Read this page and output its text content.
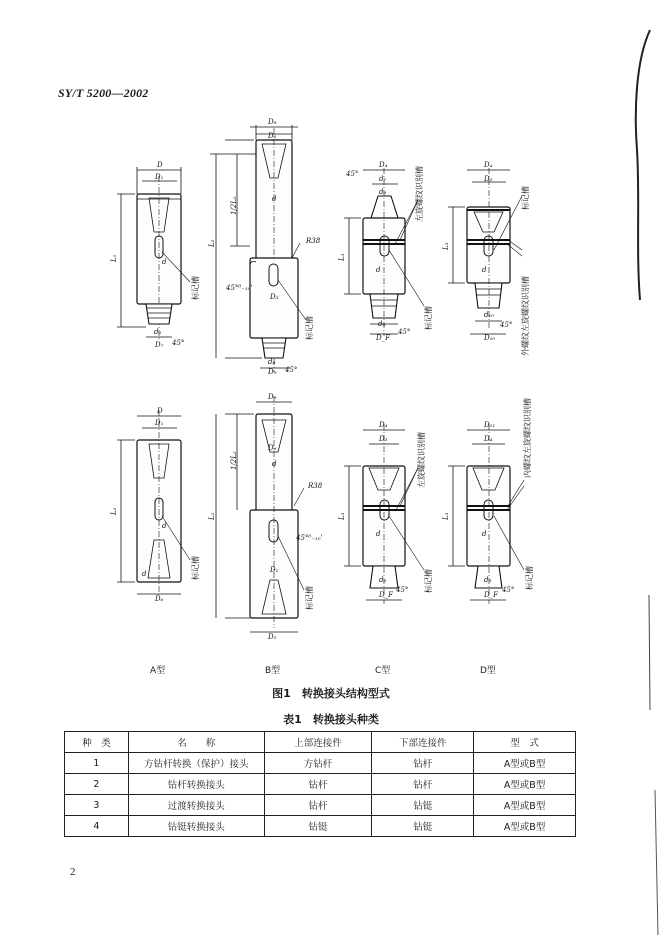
SY/T 5200—2002
D
D₁
L₁	d
d₆
D₇ 45°
D₈
D₂
1/2L₂
L₂
d
R38
45°⁰₋₁₀'
D₃
d₈
D₉ 45°
D₄
45°
d₇
d₆
L₃
d
d₈
D_F
45°
D₄
D₅
L₃
d
d₁₀
D₁₀
45°
D
D₁
L₁
d
d
D₆
D₉
D₆
1/2L₂
L₂
d
R38
45°⁰₋₁₀'
D₁
D₅
D₄
D₃
L₃
d
d₆
D_F
45°
D₁₁
D₄
L₃
d
d₉
D_F
45°
标记槽
标记槽
左旋螺纹识别槽
标记槽
标记槽
外螺纹左旋螺纹识别槽
标记槽
标记槽
左旋螺纹识别槽
标记槽
内螺纹左旋螺纹识别槽
标记槽
A型	B型	C型	D型
图1　转换接头结构型式
表1　转换接头种类
种　类	名　　称	上部连接件	下部连接件	型　式
1	方钻杆转换（保护）接头	方钻杆	钻杆	A型或B型
2	钻杆转换接头	钻杆	钻杆	A型或B型
3	过渡转换接头	钻杆	钻铤	A型或B型
4	钻铤转换接头	钻铤	钻铤	A型或B型
2
